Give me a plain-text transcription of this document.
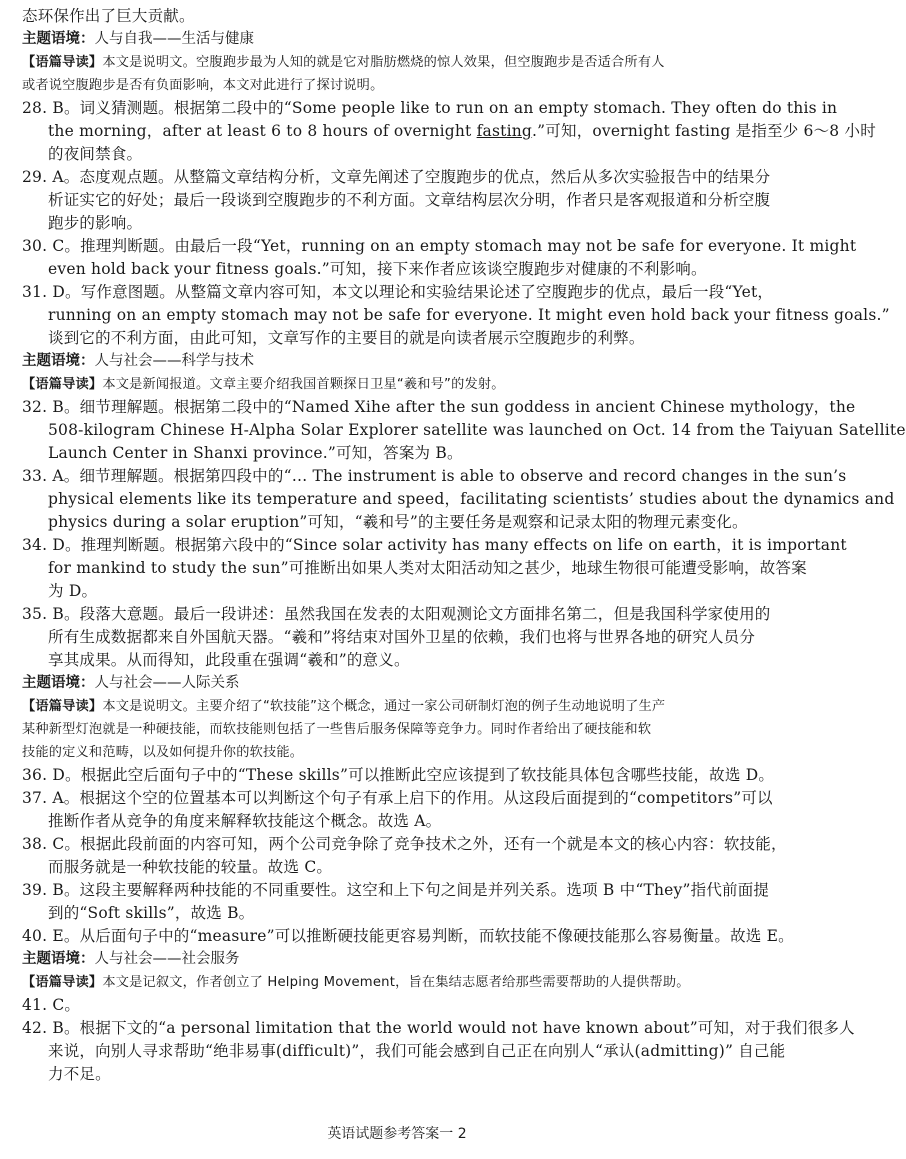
态环保作出了巨大贡献。
主题语境：人与自我——生活与健康
【语篇导读】本文是说明文。空腹跑步最为人知的就是它对脂肪燃烧的惊人效果，但空腹跑步是否适合所有人
或者说空腹跑步是否有负面影响，本文对此进行了探讨说明。
28. B。词义猜测题。根据第二段中的“Some people like to run on an empty stomach. They often do this in
the morning，after at least 6 to 8 hours of overnight fasting.”可知，overnight fasting 是指至少 6～8 小时
的夜间禁食。
29. A。态度观点题。从整篇文章结构分析，文章先阐述了空腹跑步的优点，然后从多次实验报告中的结果分
析证实它的好处；最后一段谈到空腹跑步的不利方面。文章结构层次分明，作者只是客观报道和分析空腹
跑步的影响。
30. C。推理判断题。由最后一段“Yet，running on an empty stomach may not be safe for everyone. It might
even hold back your fitness goals.”可知，接下来作者应该谈空腹跑步对健康的不利影响。
31. D。写作意图题。从整篇文章内容可知，本文以理论和实验结果论述了空腹跑步的优点，最后一段“Yet，
running on an empty stomach may not be safe for everyone. It might even hold back your fitness goals.”
谈到它的不利方面，由此可知，文章写作的主要目的就是向读者展示空腹跑步的利弊。
主题语境：人与社会——科学与技术
【语篇导读】本文是新闻报道。文章主要介绍我国首颗探日卫星“羲和号”的发射。
32. B。细节理解题。根据第二段中的“Named Xihe after the sun goddess in ancient Chinese mythology，the
508-kilogram Chinese H-Alpha Solar Explorer satellite was launched on Oct. 14 from the Taiyuan Satellite
Launch Center in Shanxi province.”可知，答案为 B。
33. A。细节理解题。根据第四段中的“… The instrument is able to observe and record changes in the sun’s
physical elements like its temperature and speed，facilitating scientists’ studies about the dynamics and
physics during a solar eruption”可知，“羲和号”的主要任务是观察和记录太阳的物理元素变化。
34. D。推理判断题。根据第六段中的“Since solar activity has many effects on life on earth，it is important
for mankind to study the sun”可推断出如果人类对太阳活动知之甚少，地球生物很可能遭受影响，故答案
为 D。
35. B。段落大意题。最后一段讲述：虽然我国在发表的太阳观测论文方面排名第二，但是我国科学家使用的
所有生成数据都来自外国航天器。“羲和”将结束对国外卫星的依赖，我们也将与世界各地的研究人员分
享其成果。从而得知，此段重在强调“羲和”的意义。
主题语境：人与社会——人际关系
【语篇导读】本文是说明文。主要介绍了“软技能”这个概念，通过一家公司研制灯泡的例子生动地说明了生产
某种新型灯泡就是一种硬技能，而软技能则包括了一些售后服务保障等竞争力。同时作者给出了硬技能和软
技能的定义和范畴，以及如何提升你的软技能。
36. D。根据此空后面句子中的“These skills”可以推断此空应该提到了软技能具体包含哪些技能，故选 D。
37. A。根据这个空的位置基本可以判断这个句子有承上启下的作用。从这段后面提到的“competitors”可以
推断作者从竞争的角度来解释软技能这个概念。故选 A。
38. C。根据此段前面的内容可知，两个公司竞争除了竞争技术之外，还有一个就是本文的核心内容：软技能，
而服务就是一种软技能的较量。故选 C。
39. B。这段主要解释两种技能的不同重要性。这空和上下句之间是并列关系。选项 B 中“They”指代前面提
到的“Soft skills”，故选 B。
40. E。从后面句子中的“measure”可以推断硬技能更容易判断，而软技能不像硬技能那么容易衡量。故选 E。
主题语境：人与社会——社会服务
【语篇导读】本文是记叙文，作者创立了 Helping Movement，旨在集结志愿者给那些需要帮助的人提供帮助。
41. C。
42. B。根据下文的“a personal limitation that the world would not have known about”可知，对于我们很多人
来说，向别人寻求帮助“绝非易事(difficult)”，我们可能会感到自己正在向别人“承认(admitting)” 自己能
力不足。
英语试题参考答案一 2
